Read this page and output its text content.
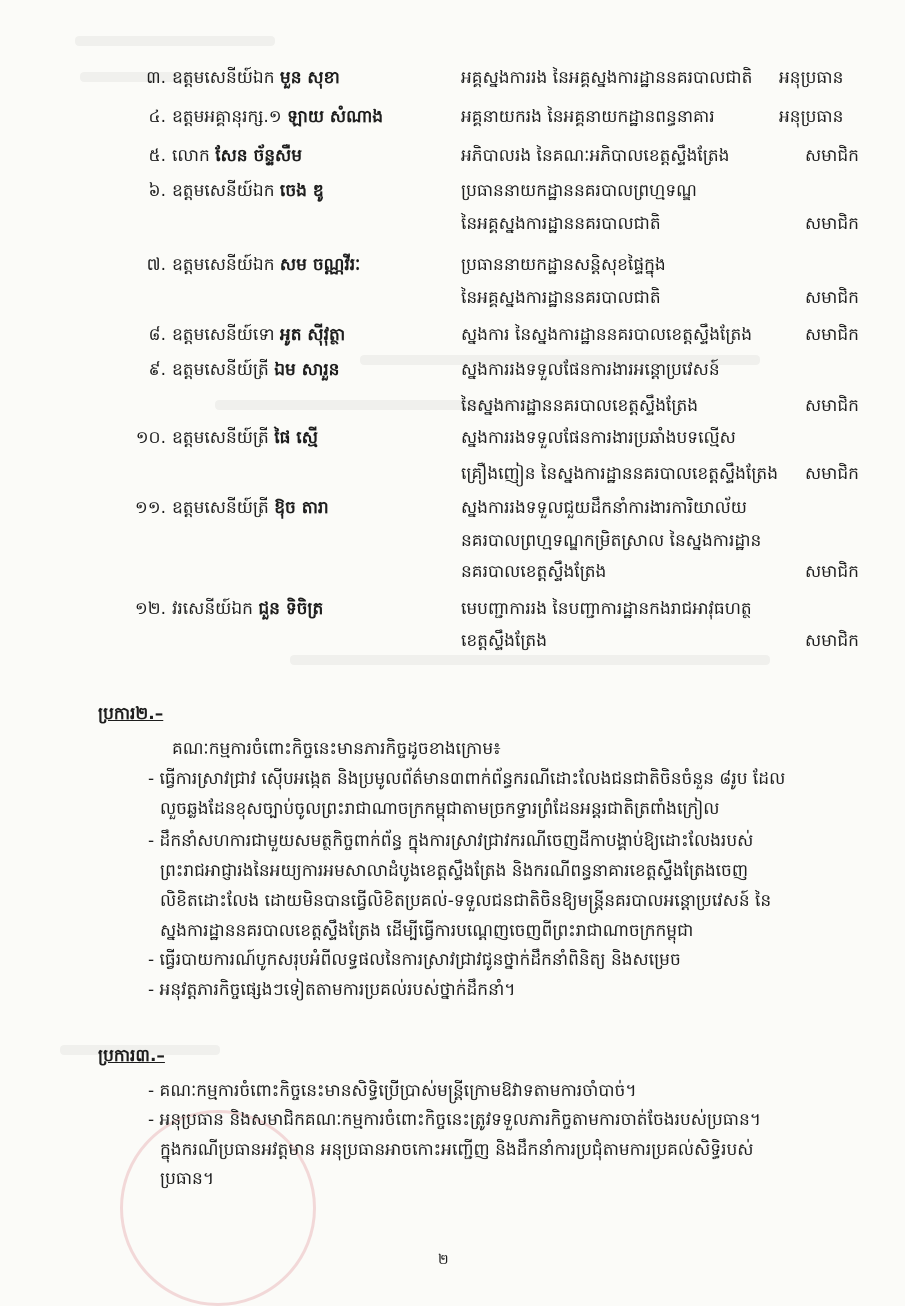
៣. ឧត្តមសេនីយ៍ឯក មួន សុខា	អគ្គស្នងការរង នៃអគ្គស្នងការដ្ឋាននគរបាលជាតិ អនុប្រធាន
៤. ឧត្តមអគ្គានុរក្ស.១ ឡាយ សំណាង	អគ្គនាយករង នៃអគ្គនាយកដ្ឋានពន្ធនាគារ	អនុប្រធាន
៥. លោក សែន ច័ន្ទសឺម	អភិបាលរង នៃគណៈអភិបាលខេត្តស្ទឹងត្រែង	សមាជិក
៦. ឧត្តមសេនីយ៍ឯក ចេង ឌូ	ប្រធាននាយកដ្ឋាននគរបាលព្រហ្មទណ្ឌ
នៃអគ្គស្នងការដ្ឋាននគរបាលជាតិ	សមាជិក
៧. ឧត្តមសេនីយ៍ឯក សម ចណ្ណវីរៈ	ប្រធាននាយកដ្ឋានសន្តិសុខផ្ទៃក្នុង
នៃអគ្គស្នងការដ្ឋាននគរបាលជាតិ	សមាជិក
៨. ឧត្តមសេនីយ៍ទោ អូត ស៊ីវុត្ថា	ស្នងការ នៃស្នងការដ្ឋាននគរបាលខេត្តស្ទឹងត្រែង	សមាជិក
៩. ឧត្តមសេនីយ៍ត្រី ឯម សារួន	ស្នងការរងទទួលផែនការងារអន្តោប្រវេសន៍
នៃស្នងការដ្ឋាននគរបាលខេត្តស្ទឹងត្រែង	សមាជិក
១០. ឧត្តមសេនីយ៍ត្រី ផៃ ស្មើ	ស្នងការរងទទួលផែនការងារប្រឆាំងបទល្មើស
គ្រឿងញៀន នៃស្នងការដ្ឋាននគរបាលខេត្តស្ទឹងត្រែង សមាជិក
១១. ឧត្តមសេនីយ៍ត្រី ឱុច តារា	ស្នងការរងទទួលជួយដឹកនាំការងារការិយាល័យ
នគរបាលព្រហ្មទណ្ឌកម្រិតស្រាល នៃស្នងការដ្ឋាន
នគរបាលខេត្តស្ទឹងត្រែង	សមាជិក
១២. វរសេនីយ៍ឯក ជួន ទិចិត្រ	មេបញ្ជាការរង នៃបញ្ជាការដ្ឋានកងរាជអាវុធហត្ថ
ខេត្តស្ទឹងត្រែង	សមាជិក
ប្រការ២.–
គណៈកម្មការចំពោះកិច្ចនេះមានភារកិច្ចដូចខាងក្រោម៖
- ធ្វើការស្រាវជ្រាវ ស៊ើបអង្កេត និងប្រមូលព័ត៌មាន៣ពាក់ព័ន្ធករណីដោះលែងជនជាតិចិនចំនួន ៨រូប ដែល
លួចឆ្លងដែនខុសច្បាប់ចូលព្រះរាជាណាចក្រកម្ពុជាតាមច្រកទ្វារព្រំដែនអន្តរជាតិត្រពាំងក្រៀល
- ដឹកនាំសហការជាមួយសមត្ថកិច្ចពាក់ព័ន្ធ ក្នុងការស្រាវជ្រាវករណីចេញដីកាបង្គាប់ឱ្យដោះលែងរបស់
ព្រះរាជអាជ្ញារងនៃអយ្យការអមសាលាដំបូងខេត្តស្ទឹងត្រែង និងករណីពន្ធនាគារខេត្តស្ទឹងត្រែងចេញ
លិខិតដោះលែង ដោយមិនបានធ្វើលិខិតប្រគល់-ទទួលជនជាតិចិនឱ្យមន្ត្រីនគរបាលអន្តោប្រវេសន៍ នៃ
ស្នងការដ្ឋាននគរបាលខេត្តស្ទឹងត្រែង ដើម្បីធ្វើការបណ្តេញចេញពីព្រះរាជាណាចក្រកម្ពុជា
- ធ្វើរបាយការណ៍បូកសរុបអំពីលទ្ធផលនៃការស្រាវជ្រាវជូនថ្នាក់ដឹកនាំពិនិត្យ និងសម្រេច
- អនុវត្តភារកិច្ចផ្សេងៗទៀតតាមការប្រគល់របស់ថ្នាក់ដឹកនាំ។
ប្រការ៣.–
- គណៈកម្មការចំពោះកិច្ចនេះមានសិទ្ធិប្រើប្រាស់មន្ត្រីក្រោមឱវាទតាមការចាំបាច់។
- អនុប្រធាន និងសមាជិកគណៈកម្មការចំពោះកិច្ចនេះត្រូវទទួលភារកិច្ចតាមការចាត់ចែងរបស់ប្រធាន។
ក្នុងករណីប្រធានអវត្តមាន អនុប្រធានអាចកោះអញ្ជើញ និងដឹកនាំការប្រជុំតាមការប្រគល់សិទ្ធិរបស់
ប្រធាន។
២
